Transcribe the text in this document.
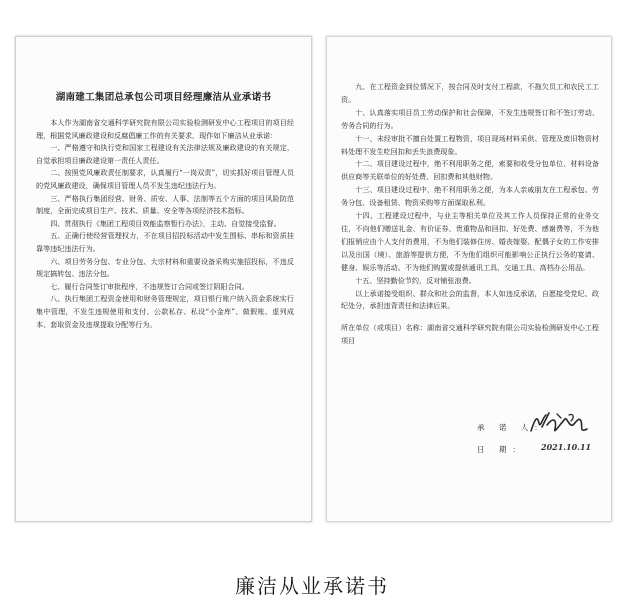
湖南建工集团总承包公司项目经理廉洁从业承诺书

本人作为湖南省交通科学研究院有限公司实验检测研发中心工程项目的项目经理，根据党风廉政建设和反腐倡廉工作的有关要求，现作如下廉洁从业承诺：

一、严格遵守和执行党和国家工程建设有关法律法规及廉政建设的有关规定，自觉承担项目廉政建设第一责任人责任。

二、按照党风廉政责任制要求，认真履行“一岗双责”，切实抓好项目管理人员的党风廉政建设，确保项目管理人员不发生违纪违法行为。

三、严格执行集团经营、财务、质安、人事、法制等五个方面的项目风险防范制度，全面完成项目生产、技术、质量、安全等各项经济技术指标。

四、贯彻执行《集团工程项目效能监察暂行办法》，主动、自觉接受监督。

五、正确行使经营管理权力，不在项目招投标活动中发生围标、串标和资质挂靠等违纪违法行为。

六、项目劳务分包、专业分包、大宗材料和重要设备采购实施招投标，不违反规定搞转包、违法分包。

七、履行合同签订审批程序，不违规签订合同或签订阴阳合同。

八、执行集团工程资金使用和财务管理规定，项目银行账户纳入资金系统实行集中管理，不发生违规使用和支付、公款私存、私设“小金库”、做假账、虚列成本、套取资金及违规提取分配等行为。

九、在工程资金到位情况下，按合同及时支付工程款，不拖欠员工和农民工工资。

十、认真落实项目员工劳动保护和社会保障，不发生违规签订和不签订劳动、劳务合同的行为。

十一、未经审批不擅自处置工程物资，项目现场材料采供、管理及废旧物资材料处理不发生吃回扣和丢失浪费现象。

十二、项目建设过程中，绝不利用职务之便，索要和收受分包单位、材料设备供应商等关联单位的好处费、回扣费和其他财物。

十三、项目建设过程中，绝不利用职务之便，为本人亲戚朋友在工程承包、劳务分包、设备租赁、物资采购等方面谋取私利。

十四、工程建设过程中，与业主等相关单位及其工作人员保持正常的业务交往，不向他们赠送礼金、有价证券、贵重物品和回扣、好处费、感谢费等，不为他们报销应由个人支付的费用，不为他们装修住房、婚丧嫁娶、配偶子女的工作安排以及出国（境）、旅游等提供方便，不为他们组织可能影响公正执行公务的宴请、健身、娱乐等活动。不为他们购置或提供通讯工具、交通工具、高档办公用品。

十五、坚持勤俭节约，反对铺张浪费。

以上承诺接受组织、群众和社会的监督，本人如违反承诺，自愿接受党纪、政纪处分，承担违背责任和法律后果。

所在单位（或项目）名称：湖南省交通科学研究院有限公司实验检测研发中心工程项目

承 诺 人：
日 期： 2021.10.11
廉洁从业承诺书
